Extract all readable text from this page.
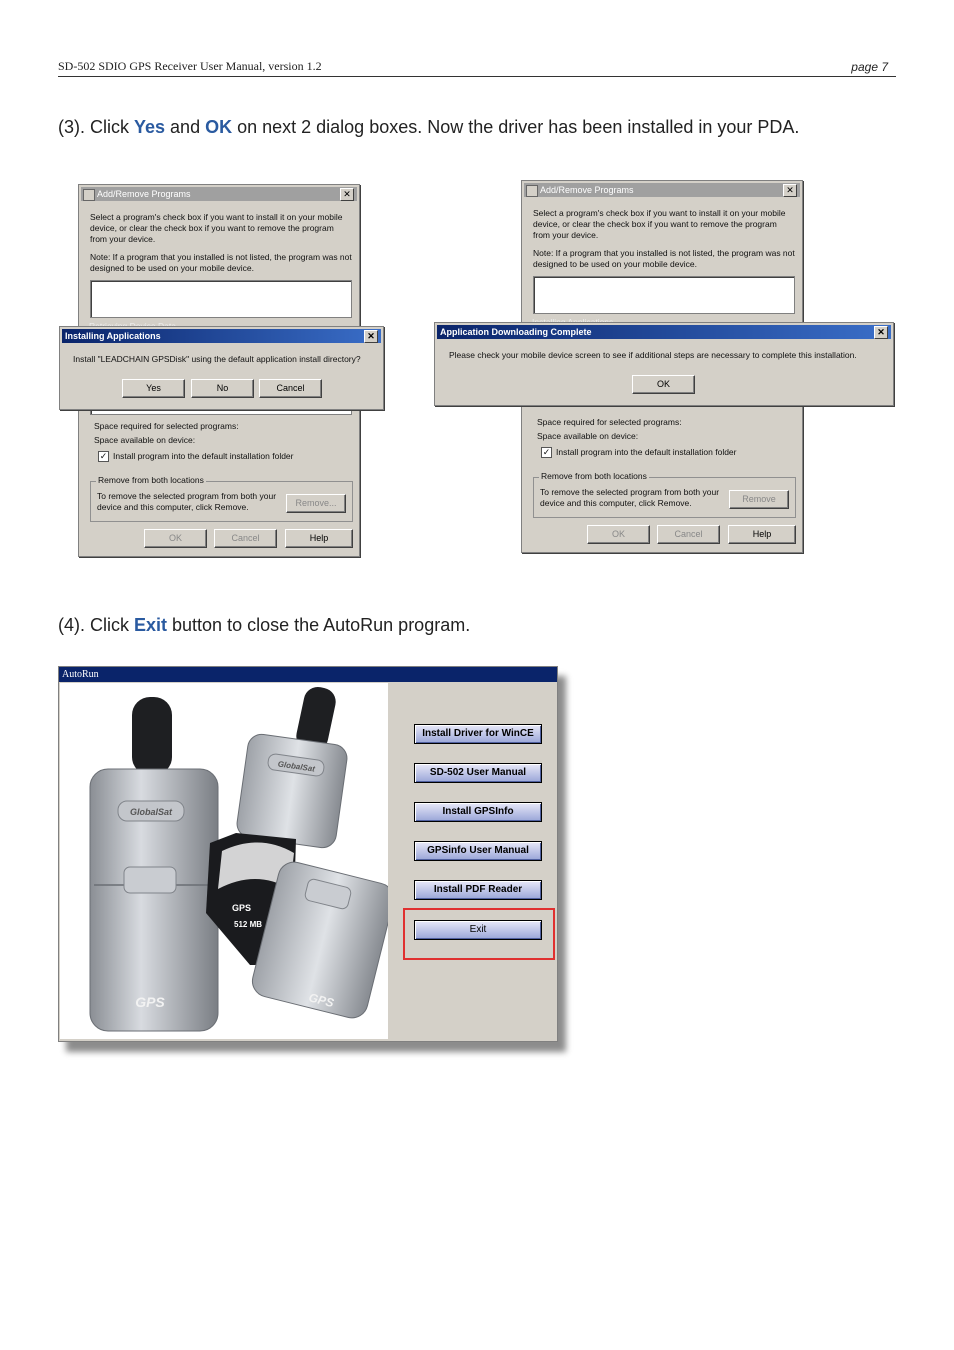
SD-502 SDIO GPS Receiver User Manual, version 1.2	page 7
(3). Click Yes and OK on next 2 dialog boxes. Now the driver has been installed in your PDA.
Add/Remove Programs	✕
Select a program's check box if you want to install it on your mobile device, or clear the check box if you want to remove the program from your device.
Note: If a program that you installed is not listed, the program was not designed to be used on your mobile device.
Space required for selected programs:
Space available on device:
✓ Install program into the default installation folder
Remove from both locations
To remove the selected program from both your device and this computer, click Remove.	Remove...
OK	Cancel	Help
Installing Applications	✕
Install "LEADCHAIN GPSDisk" using the default application install directory?
Yes	No	Cancel
Add/Remove Programs	✕
Select a program's check box if you want to install it on your mobile device, or clear the check box if you want to remove the program from your device.
Note: If a program that you installed is not listed, the program was not designed to be used on your mobile device.
Space required for selected programs:
Space available on device:
✓ Install program into the default installation folder
Remove from both locations
To remove the selected program from both your device and this computer, click Remove.	Remove
OK	Cancel	Help
Application Downloading Complete	✕
Please check your mobile device screen to see if additional steps are necessary to complete this installation.
OK
(4). Click Exit button to close the AutoRun program.
AutoRun
GlobalSat
GPS
GlobalSat
GPS
512 MB
GPS
Install Driver for WinCE
SD-502 User Manual
Install GPSInfo
GPSinfo User Manual
Install PDF Reader
Exit
